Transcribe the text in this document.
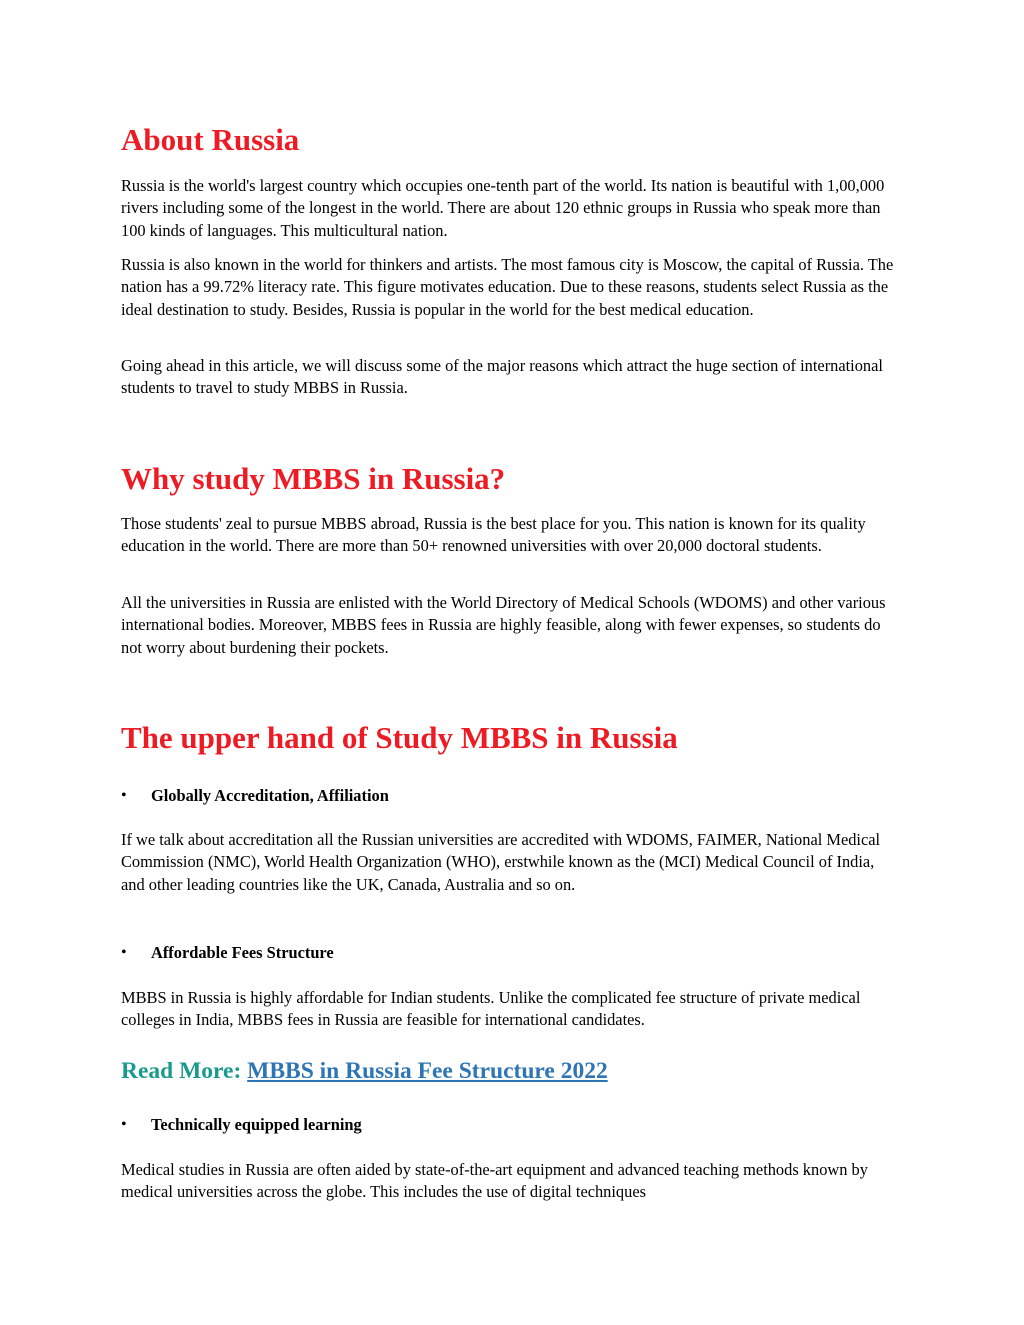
About Russia

Russia is the world's largest country which occupies one-tenth part of the world. Its nation is beautiful with 1,00,000 rivers including some of the longest in the world. There are about 120 ethnic groups in Russia who speak more than 100 kinds of languages. This multicultural nation.

Russia is also known in the world for thinkers and artists. The most famous city is Moscow, the capital of Russia. The nation has a 99.72% literacy rate. This figure motivates education. Due to these reasons, students select Russia as the ideal destination to study. Besides, Russia is popular in the world for the best medical education.

Going ahead in this article, we will discuss some of the major reasons which attract the huge section of international students to travel to study MBBS in Russia.

Why study MBBS in Russia?

Those students' zeal to pursue MBBS abroad, Russia is the best place for you. This nation is known for its quality education in the world. There are more than 50+ renowned universities with over 20,000 doctoral students.

All the universities in Russia are enlisted with the World Directory of Medical Schools (WDOMS) and other various international bodies. Moreover, MBBS fees in Russia are highly feasible, along with fewer expenses, so students do not worry about burdening their pockets.

The upper hand of Study MBBS in Russia
• Globally Accreditation, Affiliation

If we talk about accreditation all the Russian universities are accredited with WDOMS, FAIMER, National Medical Commission (NMC), World Health Organization (WHO), erstwhile known as the (MCI) Medical Council of India, and other leading countries like the UK, Canada, Australia and so on.

• Affordable Fees Structure

MBBS in Russia is highly affordable for Indian students. Unlike the complicated fee structure of private medical colleges in India, MBBS fees in Russia are feasible for international candidates.

Read More: MBBS in Russia Fee Structure 2022

• Technically equipped learning

Medical studies in Russia are often aided by state-of-the-art equipment and advanced teaching methods known by medical universities across the globe. This includes the use of digital techniques
